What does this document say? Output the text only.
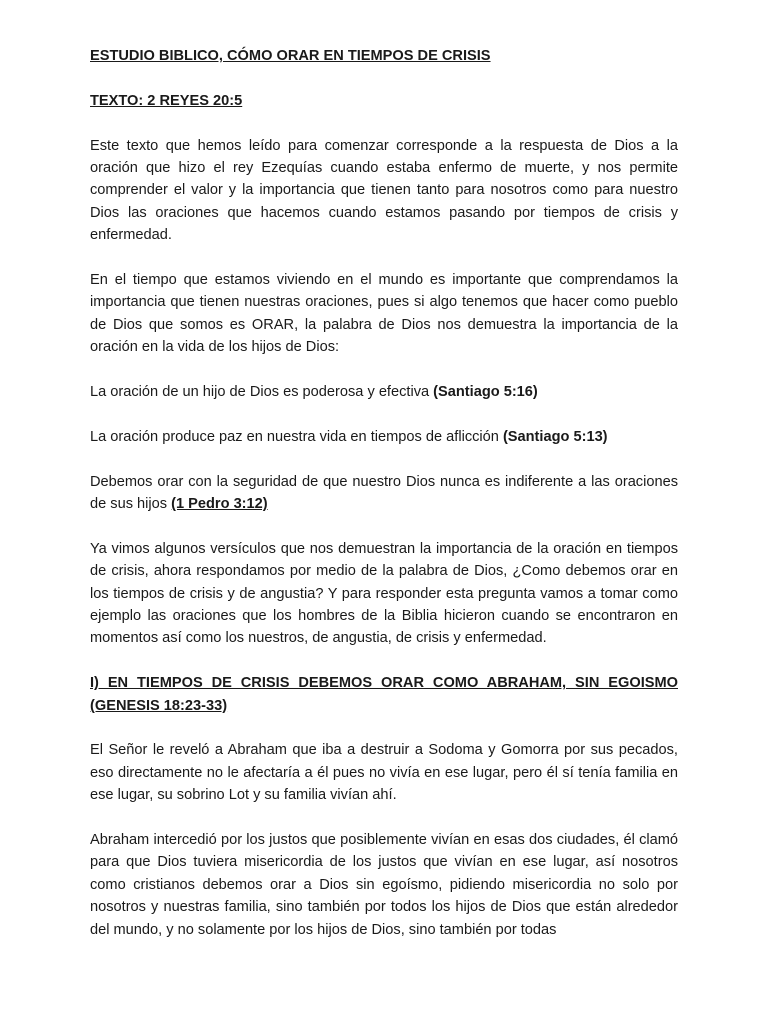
ESTUDIO BIBLICO, CÓMO ORAR EN TIEMPOS DE CRISIS

TEXTO: 2 REYES 20:5

Este texto que hemos leído para comenzar corresponde a la respuesta de Dios a la oración que hizo el rey Ezequías cuando estaba enfermo de muerte, y nos permite comprender el valor y la importancia que tienen tanto para nosotros como para nuestro Dios las oraciones que hacemos cuando estamos pasando por tiempos de crisis y enfermedad.

En el tiempo que estamos viviendo en el mundo es importante que comprendamos la importancia que tienen nuestras oraciones, pues si algo tenemos que hacer como pueblo de Dios que somos es ORAR, la palabra de Dios nos demuestra la importancia de la oración en la vida de los hijos de Dios:

La oración de un hijo de Dios es poderosa y efectiva (Santiago 5:16)

La oración produce paz en nuestra vida en tiempos de aflicción (Santiago 5:13)

Debemos orar con la seguridad de que nuestro Dios nunca es indiferente a las oraciones de sus hijos (1 Pedro 3:12)

Ya vimos algunos versículos que nos demuestran la importancia de la oración en tiempos de crisis, ahora respondamos por medio de la palabra de Dios, ¿Como debemos orar en los tiempos de crisis y de angustia? Y para responder esta pregunta vamos a tomar como ejemplo las oraciones que los hombres de la Biblia hicieron cuando se encontraron en momentos así como los nuestros, de angustia, de crisis y enfermedad.

I) EN TIEMPOS DE CRISIS DEBEMOS ORAR COMO ABRAHAM, SIN EGOISMO (GENESIS 18:23-33)

El Señor le reveló a Abraham que iba a destruir a Sodoma y Gomorra por sus pecados, eso directamente no le afectaría a él pues no vivía en ese lugar, pero él sí tenía familia en ese lugar, su sobrino Lot y su familia vivían ahí.

Abraham intercedió por los justos que posiblemente vivían en esas dos ciudades, él clamó para que Dios tuviera misericordia de los justos que vivían en ese lugar, así nosotros como cristianos debemos orar a Dios sin egoísmo, pidiendo misericordia no solo por nosotros y nuestras familia, sino también por todos los hijos de Dios que están alrededor del mundo, y no solamente por los hijos de Dios, sino también por todas
